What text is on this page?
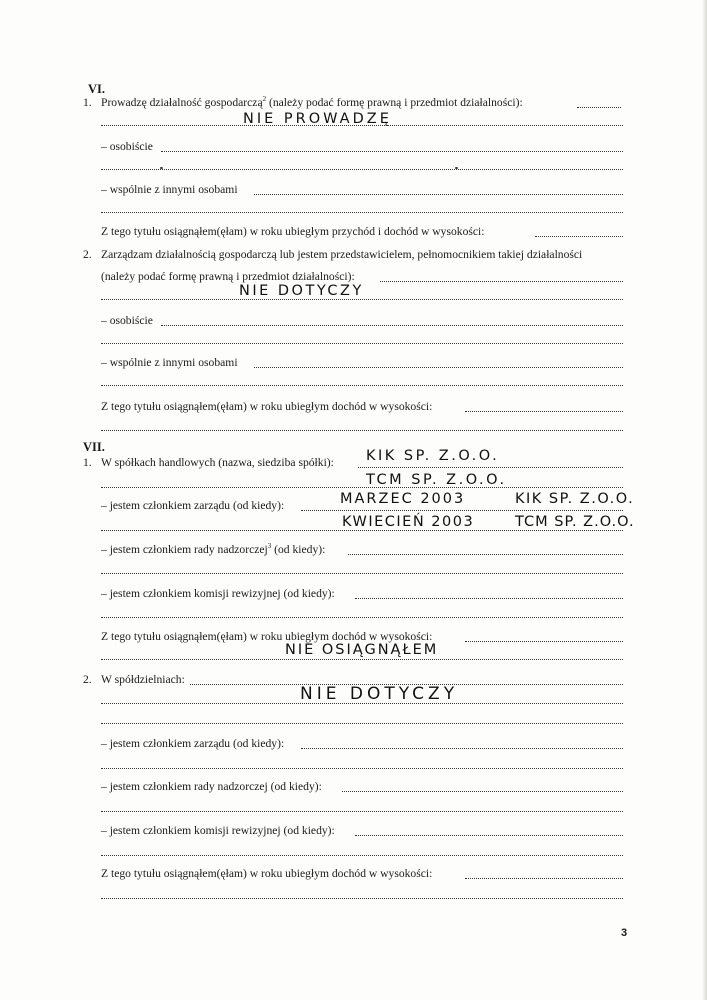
VI.
1. Prowadzę działalność gospodarczą$^2$ (należy podać formę prawną i przedmiot działalności):
NIE PROWADZĘ
– osobiście
– wspólnie z innymi osobami
Z tego tytułu osiągnąłem(ęłam) w roku ubiegłym przychód i dochód w wysokości:
2. Zarządzam działalnością gospodarczą lub jestem przedstawicielem, pełnomocnikiem takiej działalności
(należy podać formę prawną i przedmiot działalności):
NIE DOTYCZY
– osobiście
– wspólnie z innymi osobami
Z tego tytułu osiągnąłem(ęłam) w roku ubiegłym dochód w wysokości:
VII.
1. W spółkach handlowych (nazwa, siedziba spółki): KIK SP. Z.O.O.
TCM SP. Z.O.O.
– jestem członkiem zarządu (od kiedy):	MARZEC 2003	KIK SP. Z.O.O.
KWIECIEŃ 2003	TCM SP. Z.O.O.
– jestem członkiem rady nadzorczej$^3$ (od kiedy):
– jestem członkiem komisji rewizyjnej (od kiedy):
Z tego tytułu osiągnąłem(ęłam) w roku ubiegłym dochód w wysokości:
NIE OSIĄGNĄŁEM
2. W spółdzielniach:
NIE DOTYCZY
– jestem członkiem zarządu (od kiedy):
– jestem członkiem rady nadzorczej (od kiedy):
– jestem członkiem komisji rewizyjnej (od kiedy):
Z tego tytułu osiągnąłem(ęłam) w roku ubiegłym dochód w wysokości:
3
